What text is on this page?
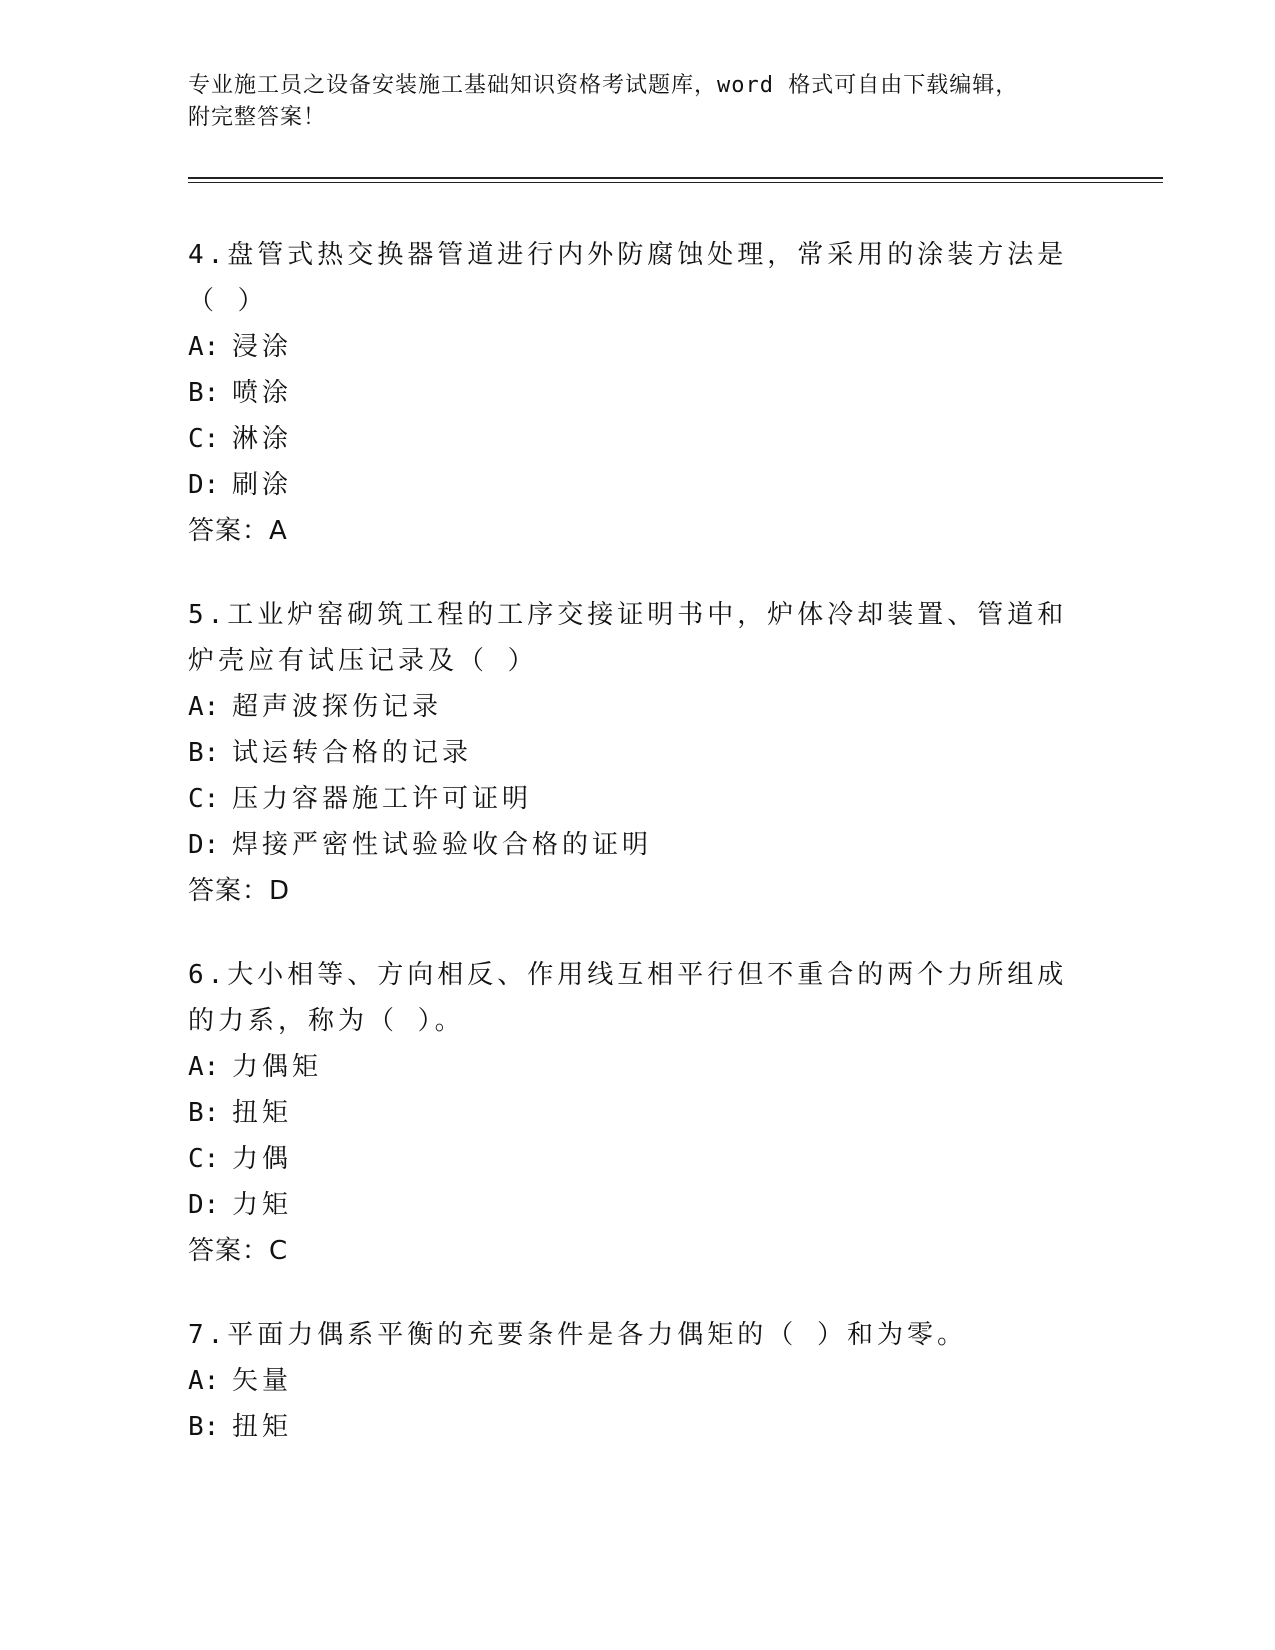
专业施工员之设备安装施工基础知识资格考试题库，word 格式可自由下载编辑，
附完整答案！

4.盘管式热交换器管道进行内外防腐蚀处理，常采用的涂装方法是（ ）

A: 浸涂
B: 喷涂
C: 淋涂
D: 刷涂

答案：A

5.工业炉窑砌筑工程的工序交接证明书中，炉体冷却装置、管道和炉壳应有试压记录及（ ）

A: 超声波探伤记录
B: 试运转合格的记录
C: 压力容器施工许可证明
D: 焊接严密性试验验收合格的证明

答案：D

6.大小相等、方向相反、作用线互相平行但不重合的两个力所组成的力系，称为（ ）。

A: 力偶矩
B: 扭矩
C: 力偶
D: 力矩

答案：C

7.平面力偶系平衡的充要条件是各力偶矩的（ ）和为零。

A: 矢量
B: 扭矩
